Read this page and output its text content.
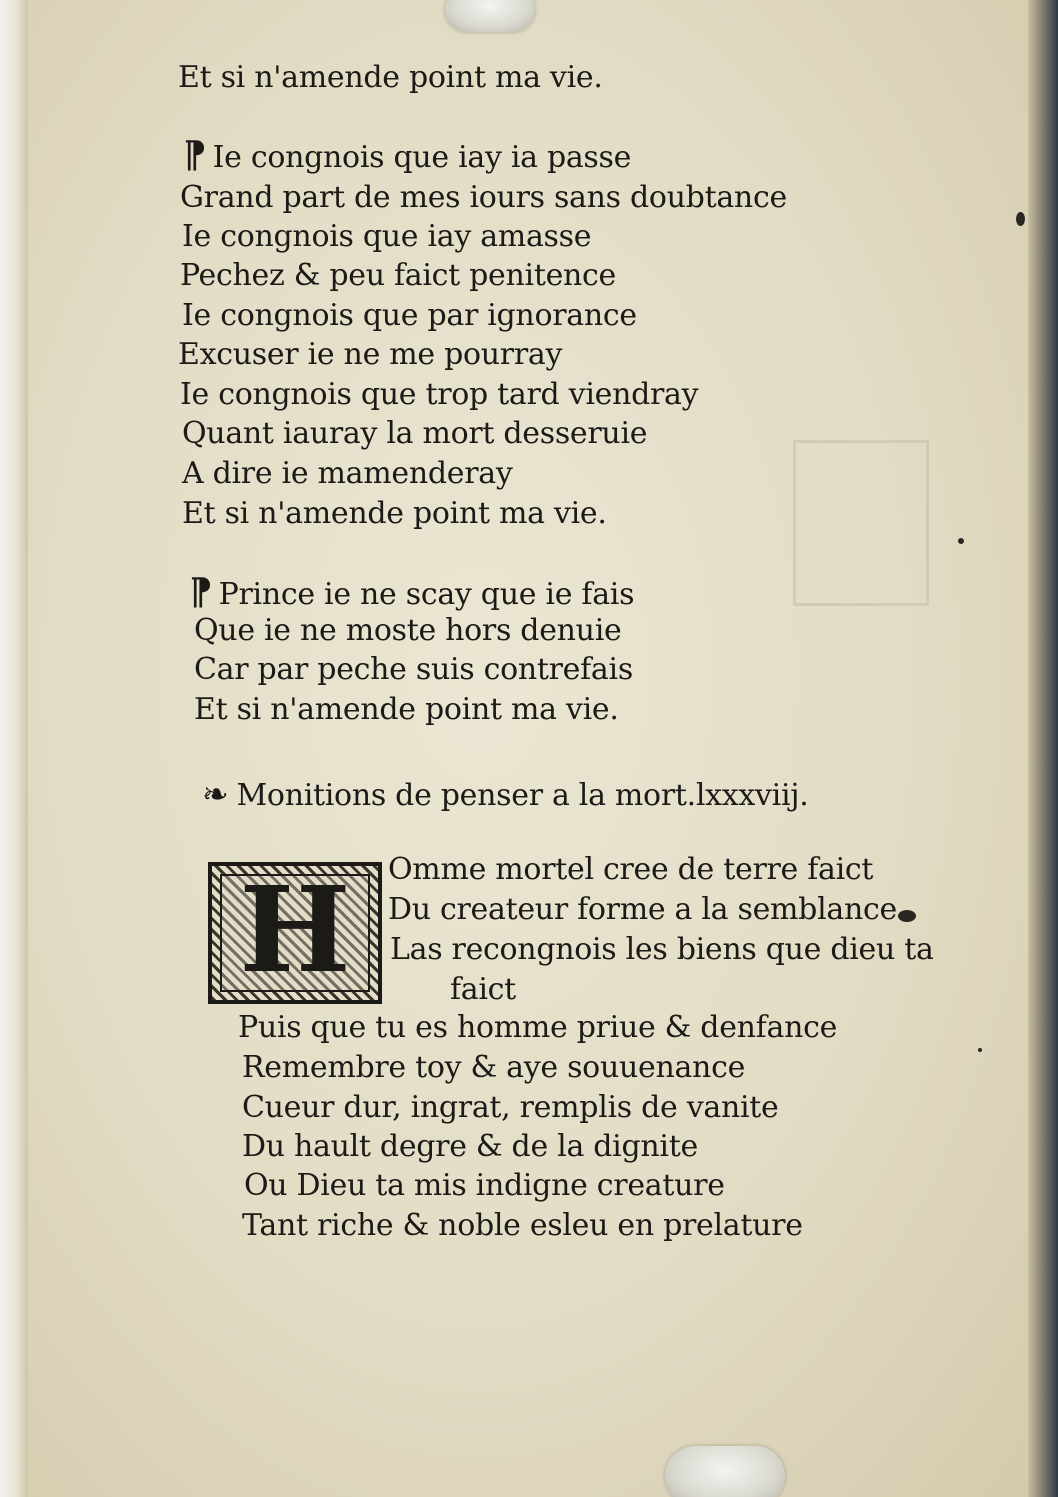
Et si n'amende point ma vie.
¶ Ie congnois que iay ia passe
Grand part de mes iours sans doubtance
Ie congnois que iay amasse
Pechez & peu faict penitence
Ie congnois que par ignorance
Excuser ie ne me pourray
Ie congnois que trop tard viendray
Quant iauray la mort desseruie
A dire ie mamenderay
Et si n'amende point ma vie.
¶ Prince ie ne scay que ie fais
Que ie ne moste hors denuie
Car par peche suis contrefais
Et si n'amende point ma vie.
❧ Monitions de penser a la mort.lxxxviij.
Omme mortel cree de terre faict
Du createur forme a la semblance
Las recongnois les biens que dieu ta
faict
Puis que tu es homme priue & denfance
Remembre toy & aye souuenance
Cueur dur, ingrat, remplis de vanite
Du hault degre & de la dignite
Ou Dieu ta mis indigne creature
Tant riche & noble esleu en prelature
H
